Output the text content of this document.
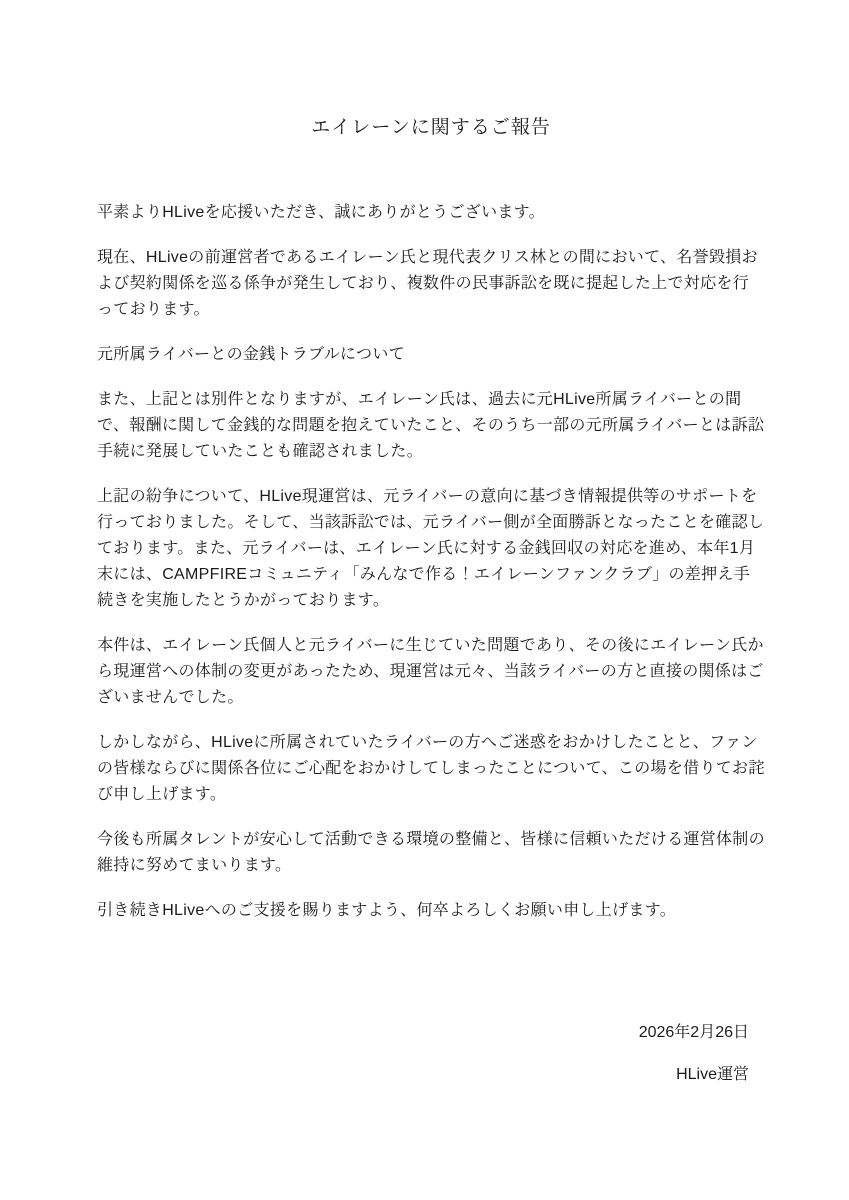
エイレーンに関するご報告

平素よりHLiveを応援いただき、誠にありがとうございます。

現在、HLiveの前運営者であるエイレーン氏と現代表クリス林との間において、名誉毀損および契約関係を巡る係争が発生しており、複数件の民事訴訟を既に提起した上で対応を行っております。

元所属ライバーとの金銭トラブルについて

また、上記とは別件となりますが、エイレーン氏は、過去に元HLive所属ライバーとの間で、報酬に関して金銭的な問題を抱えていたこと、そのうち一部の元所属ライバーとは訴訟手続に発展していたことも確認されました。

上記の紛争について、HLive現運営は、元ライバーの意向に基づき情報提供等のサポートを行っておりました。そして、当該訴訟では、元ライバー側が全面勝訴となったことを確認しております。また、元ライバーは、エイレーン氏に対する金銭回収の対応を進め、本年1月末には、CAMPFIREコミュニティ「みんなで作る！エイレーンファンクラブ」の差押え手続きを実施したとうかがっております。

本件は、エイレーン氏個人と元ライバーに生じていた問題であり、その後にエイレーン氏から現運営への体制の変更があったため、現運営は元々、当該ライバーの方と直接の関係はございませんでした。

しかしながら、HLiveに所属されていたライバーの方へご迷惑をおかけしたことと、ファンの皆様ならびに関係各位にご心配をおかけしてしまったことについて、この場を借りてお詫び申し上げます。

今後も所属タレントが安心して活動できる環境の整備と、皆様に信頼いただける運営体制の維持に努めてまいります。

引き続きHLiveへのご支援を賜りますよう、何卒よろしくお願い申し上げます。

2026年2月26日

HLive運営
